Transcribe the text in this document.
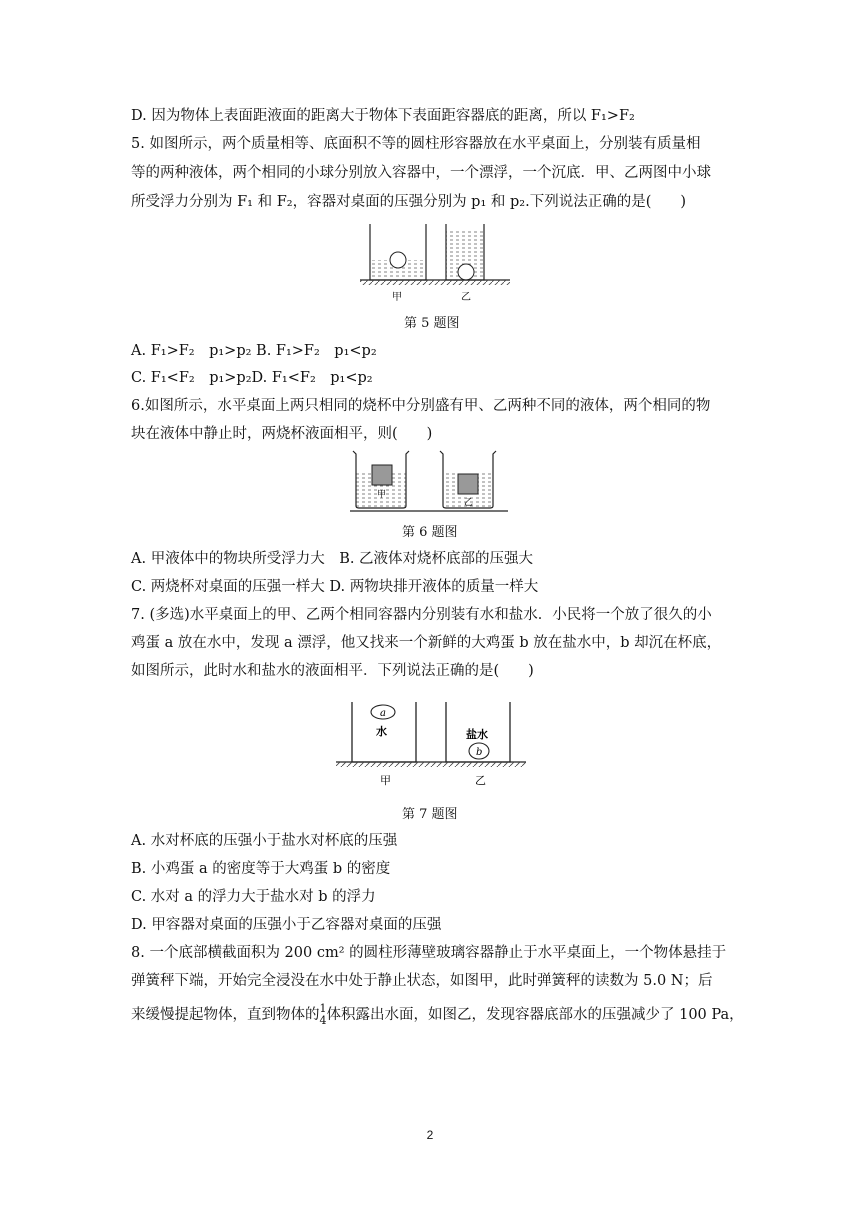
D. 因为物体上表面距液面的距离大于物体下表面距容器底的距离，所以 F₁>F₂
5. 如图所示，两个质量相等、底面积不等的圆柱形容器放在水平桌面上，分别装有质量相
等的两种液体，两个相同的小球分别放入容器中，一个漂浮，一个沉底．甲、乙两图中小球
所受浮力分别为 F₁ 和 F₂，容器对桌面的压强分别为 p₁ 和 p₂.下列说法正确的是(　　)
甲	乙
第 5 题图
A. F₁>F₂　p₁>p₂ B. F₁>F₂　p₁<p₂
C. F₁<F₂　p₁>p₂D. F₁<F₂　p₁<p₂
6.如图所示，水平桌面上两只相同的烧杯中分别盛有甲、乙两种不同的液体，两个相同的物
块在液体中静止时，两烧杯液面相平，则(　　)
甲
乙
第 6 题图
A. 甲液体中的物块所受浮力大　B. 乙液体对烧杯底部的压强大
C. 两烧杯对桌面的压强一样大 D. 两物块排开液体的质量一样大
7. (多选)水平桌面上的甲、乙两个相同容器内分别装有水和盐水．小民将一个放了很久的小
鸡蛋 a 放在水中，发现 a 漂浮，他又找来一个新鲜的大鸡蛋 b 放在盐水中，b 却沉在杯底，
如图所示，此时水和盐水的液面相平．下列说法正确的是(　　)
a
水	盐水
b
甲	乙
第 7 题图
A. 水对杯底的压强小于盐水对杯底的压强
B. 小鸡蛋 a 的密度等于大鸡蛋 b 的密度
C. 水对 a 的浮力大于盐水对 b 的浮力
D. 甲容器对桌面的压强小于乙容器对桌面的压强
8. 一个底部横截面积为 200 cm² 的圆柱形薄壁玻璃容器静止于水平桌面上，一个物体悬挂于
弹簧秤下端，开始完全浸没在水中处于静止状态，如图甲，此时弹簧秤的读数为 5.0 N；后
来缓慢提起物体，直到物体的 1
4 体积露出水面，如图乙，发现容器底部水的压强减少了 100 Pa，
2
